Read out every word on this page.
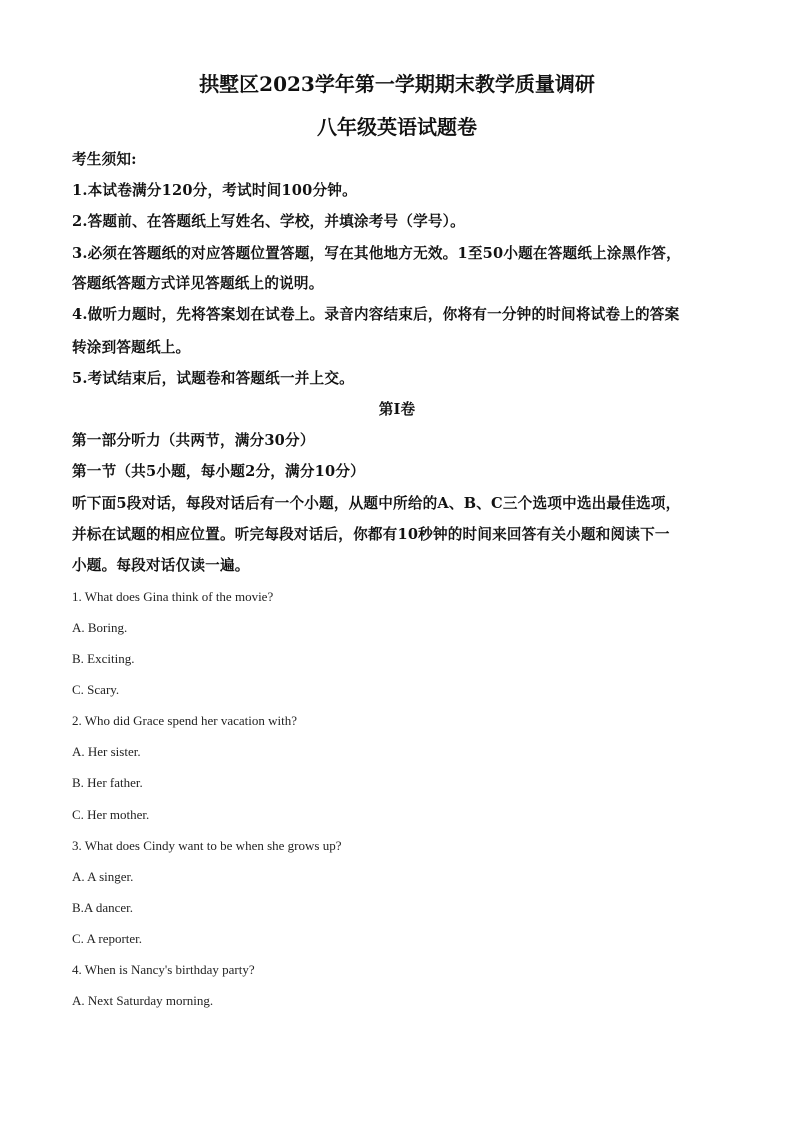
拱墅区2023学年第一学期期末教学质量调研
八年级英语试题卷

考生须知:

1.本试卷满分120分，考试时间100分钟。

2.答题前、在答题纸上写姓名、学校，并填涂考号（学号）。

3.必须在答题纸的对应答题位置答题，写在其他地方无效。1至50小题在答题纸上涂黑作答，

答题纸答题方式详见答题纸上的说明。

4.做听力题时，先将答案划在试卷上。录音内容结束后，你将有一分钟的时间将试卷上的答案

转涂到答题纸上。

5.考试结束后，试题卷和答题纸一并上交。

第I卷

第一部分听力（共两节，满分30分）

第一节（共5小题，每小题2分，满分10分）

听下面5段对话，每段对话后有一个小题，从题中所给的A、B、C三个选项中选出最佳选项，

并标在试题的相应位置。听完每段对话后，你都有10秒钟的时间来回答有关小题和阅读下一

小题。每段对话仅读一遍。

1. What does Gina think of the movie?

A. Boring.

B. Exciting.

C. Scary.

2. Who did Grace spend her vacation with?

A. Her sister.

B. Her father.

C. Her mother.

3. What does Cindy want to be when she grows up?

A. A singer.

B.A dancer.

C. A reporter.

4. When is Nancy's birthday party?

A. Next Saturday morning.
